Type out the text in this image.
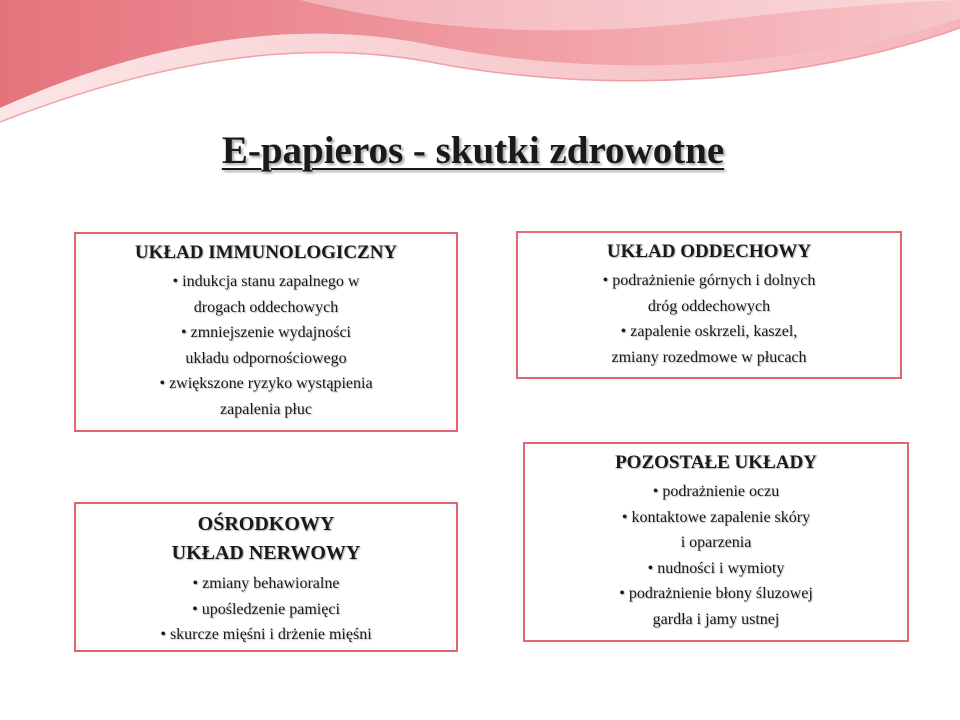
E-papieros - skutki zdrowotne
UKŁAD IMMUNOLOGICZNY
• indukcja stanu zapalnego w
drogach oddechowych
• zmniejszenie wydajności
układu odpornościowego
• zwiększone ryzyko wystąpienia
zapalenia płuc
UKŁAD ODDECHOWY
• podrażnienie górnych i dolnych
dróg oddechowych
• zapalenie oskrzeli, kaszel,
zmiany rozedmowe w płucach
OŚRODKOWY
UKŁAD NERWOWY
• zmiany behawioralne
• upośledzenie pamięci
• skurcze mięśni i drżenie mięśni
POZOSTAŁE UKŁADY
• podrażnienie oczu
• kontaktowe zapalenie skóry
i oparzenia
• nudności i wymioty
• podrażnienie błony śluzowej
gardła i jamy ustnej
